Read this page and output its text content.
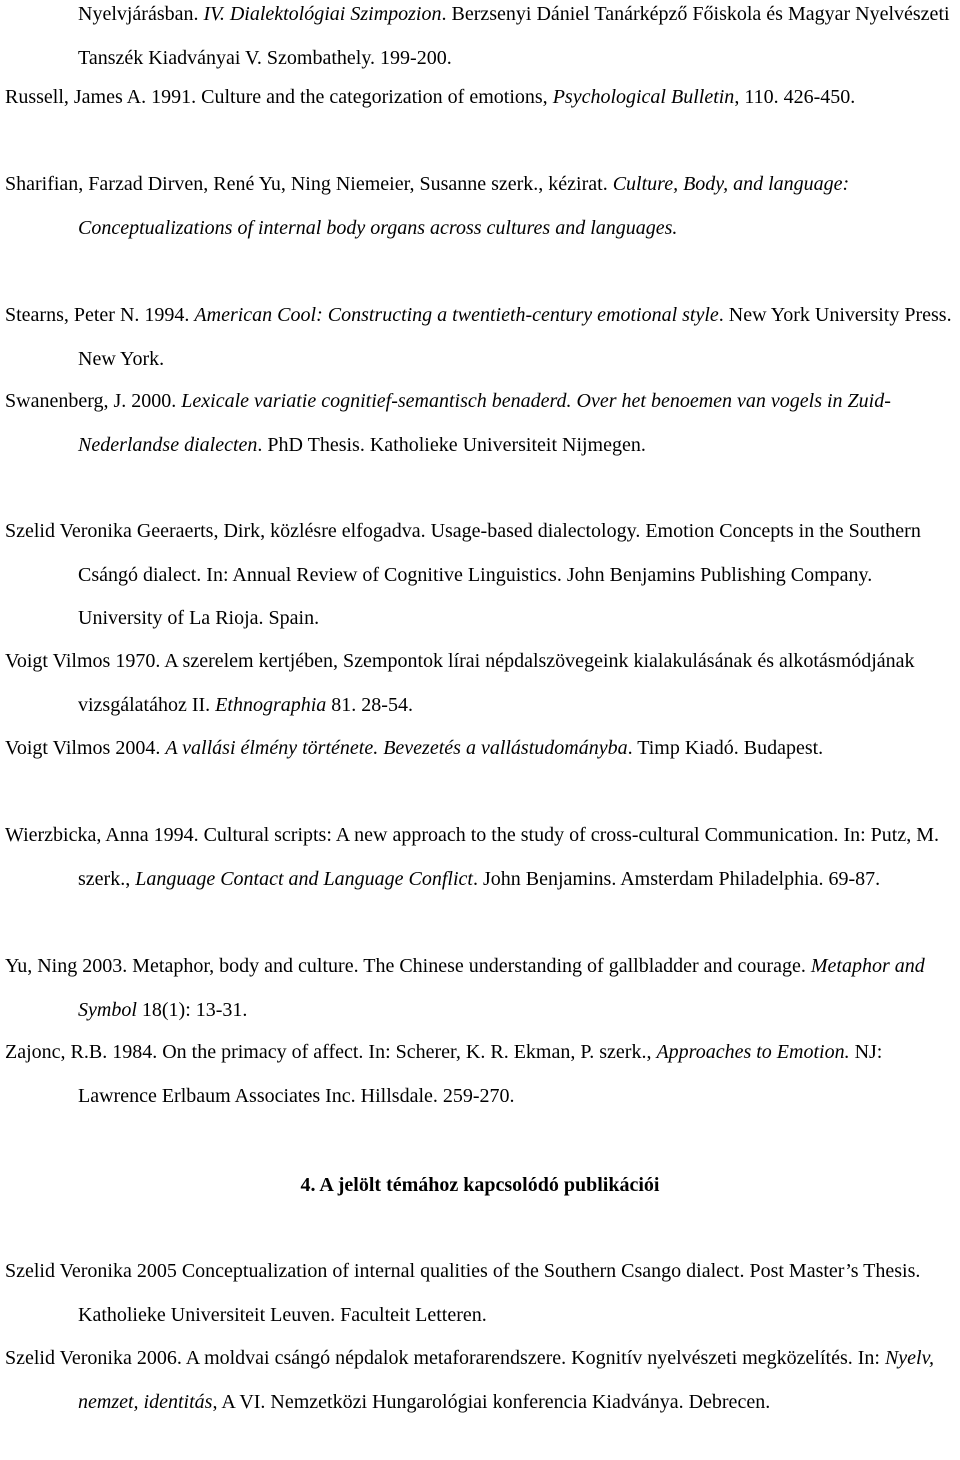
Nyelvjárásban. IV. Dialektológiai Szimpozion. Berzsenyi Dániel Tanárképző Főiskola és Magyar Nyelvészeti Tanszék Kiadványai V. Szombathely. 199-200.
Russell, James A. 1991. Culture and the categorization of emotions, Psychological Bulletin, 110. 426-450.
Sharifian, Farzad Dirven, René Yu, Ning Niemeier, Susanne szerk., kézirat. Culture, Body, and language: Conceptualizations of internal body organs across cultures and languages.
Stearns, Peter N. 1994. American Cool: Constructing a twentieth-century emotional style. New York University Press. New York.
Swanenberg, J. 2000. Lexicale variatie cognitief-semantisch benaderd. Over het benoemen van vogels in Zuid-Nederlandse dialecten. PhD Thesis. Katholieke Universiteit Nijmegen.
Szelid Veronika Geeraerts, Dirk, közlésre elfogadva. Usage-based dialectology. Emotion Concepts in the Southern Csángó dialect. In: Annual Review of Cognitive Linguistics. John Benjamins Publishing Company. University of La Rioja. Spain.
Voigt Vilmos 1970. A szerelem kertjében, Szempontok lírai népdalszövegeink kialakulásának és alkotásmódjának vizsgálatához II. Ethnographia 81. 28-54.
Voigt Vilmos 2004. A vallási élmény története. Bevezetés a vallástudományba. Timp Kiadó. Budapest.
Wierzbicka, Anna 1994. Cultural scripts: A new approach to the study of cross-cultural Communication. In: Putz, M. szerk., Language Contact and Language Conflict. John Benjamins. Amsterdam Philadelphia. 69-87.
Yu, Ning 2003. Metaphor, body and culture. The Chinese understanding of gallbladder and courage. Metaphor and Symbol 18(1): 13-31.
Zajonc, R.B. 1984. On the primacy of affect. In: Scherer, K. R. Ekman, P. szerk., Approaches to Emotion. NJ: Lawrence Erlbaum Associates Inc. Hillsdale. 259-270.
4. A jelölt témához kapcsolódó publikációi
Szelid Veronika 2005 Conceptualization of internal qualities of the Southern Csango dialect. Post Master’s Thesis. Katholieke Universiteit Leuven. Faculteit Letteren.
Szelid Veronika 2006. A moldvai csángó népdalok metaforarendszere. Kognitív nyelvészeti megközelítés. In: Nyelv, nemzet, identitás, A VI. Nemzetközi Hungarológiai konferencia Kiadványa. Debrecen.
